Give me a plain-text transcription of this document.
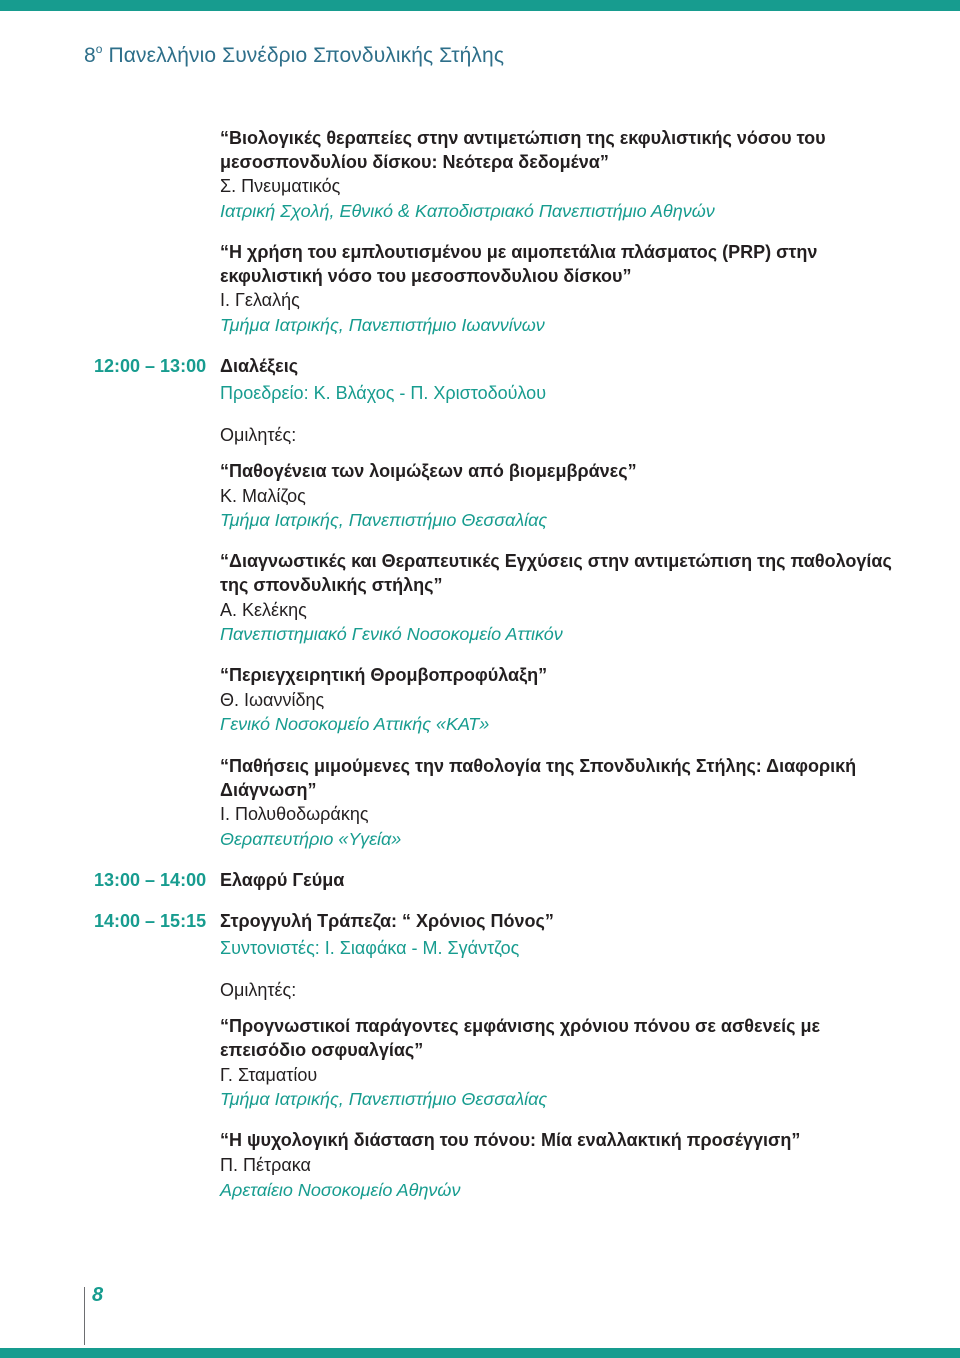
$8^o$ Πανελλήνιο Συνέδριο Σπονδυλικής Στήλης
“Βιολογικές θεραπείες στην αντιμετώπιση της εκφυλιστικής νόσου του
μεσοσπονδυλίου δίσκου: Νεότερα δεδομένα”
Σ. Πνευματικός
Ιατρική Σχολή, Εθνικό & Καποδιστριακό Πανεπιστήμιο Αθηνών
“Η χρήση του εμπλουτισμένου με αιμοπετάλια πλάσματος (PRP) στην
εκφυλιστική νόσο του μεσοσπονδυλιου δίσκου”
Ι. Γελαλής
Τμήμα Ιατρικής, Πανεπιστήμιο Ιωαννίνων
12:00 – 13:00 Διαλέξεις
Προεδρείο: Κ. Βλάχος - Π. Χριστοδούλου
Ομιλητές:
“Παθογένεια των λοιμώξεων από βιομεμβράνες”
Κ. Μαλίζος
Τμήμα Ιατρικής, Πανεπιστήμιο Θεσσαλίας
“Διαγνωστικές και Θεραπευτικές Εγχύσεις στην αντιμετώπιση της παθολογίας
της σπονδυλικής στήλης”
Α. Κελέκης
Πανεπιστημιακό Γενικό Νοσοκομείο Αττικόν
“Περιεγχειρητική Θρομβοπροφύλαξη”
Θ. Ιωαννίδης
Γενικό Νοσοκομείο Αττικής «ΚΑΤ»
“Παθήσεις μιμούμενες την παθολογία της Σπονδυλικής Στήλης: Διαφορική
Διάγνωση”
Ι. Πολυθοδωράκης
Θεραπευτήριο «Υγεία»
13:00 – 14:00 Ελαφρύ Γεύμα
14:00 – 15:15 Στρογγυλή Τράπεζα: “ Χρόνιος Πόνος”
Συντονιστές: Ι. Σιαφάκα - Μ. Σγάντζος
Ομιλητές:
“Προγνωστικοί παράγοντες εμφάνισης χρόνιου πόνου σε ασθενείς με
επεισόδιο οσφυαλγίας”
Γ. Σταματίου
Τμήμα Ιατρικής, Πανεπιστήμιο Θεσσαλίας
“Η ψυχολογική διάσταση του πόνου: Μία εναλλακτική προσέγγιση”
Π. Πέτρακα
Αρεταίειο Νοσοκομείο Αθηνών
8
